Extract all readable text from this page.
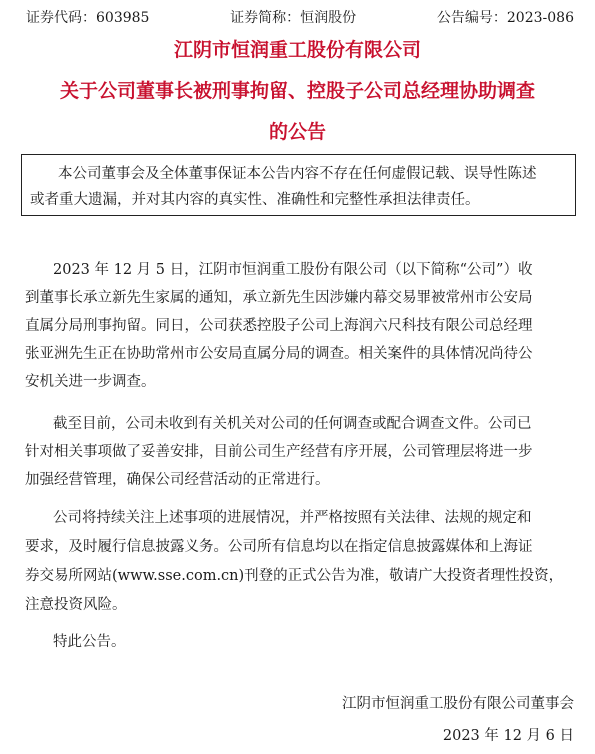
证券代码：603985	证券简称：恒润股份	公告编号：2023-086
江阴市恒润重工股份有限公司
关于公司董事长被刑事拘留、控股子公司总经理协助调查
的公告
本公司董事会及全体董事保证本公告内容不存在任何虚假记载、误导性陈述
或者重大遗漏，并对其内容的真实性、准确性和完整性承担法律责任。
2023 年 12 月 5 日，江阴市恒润重工股份有限公司（以下简称“公司”）收
到董事长承立新先生家属的通知，承立新先生因涉嫌内幕交易罪被常州市公安局
直属分局刑事拘留。同日，公司获悉控股子公司上海润六尺科技有限公司总经理
张亚洲先生正在协助常州市公安局直属分局的调查。相关案件的具体情况尚待公
安机关进一步调查。
截至目前，公司未收到有关机关对公司的任何调查或配合调查文件。公司已
针对相关事项做了妥善安排，目前公司生产经营有序开展，公司管理层将进一步
加强经营管理，确保公司经营活动的正常进行。
公司将持续关注上述事项的进展情况，并严格按照有关法律、法规的规定和
要求，及时履行信息披露义务。公司所有信息均以在指定信息披露媒体和上海证
券交易所网站(www.sse.com.cn)刊登的正式公告为准，敬请广大投资者理性投资，
注意投资风险。
特此公告。
江阴市恒润重工股份有限公司董事会
2023 年 12 月 6 日
